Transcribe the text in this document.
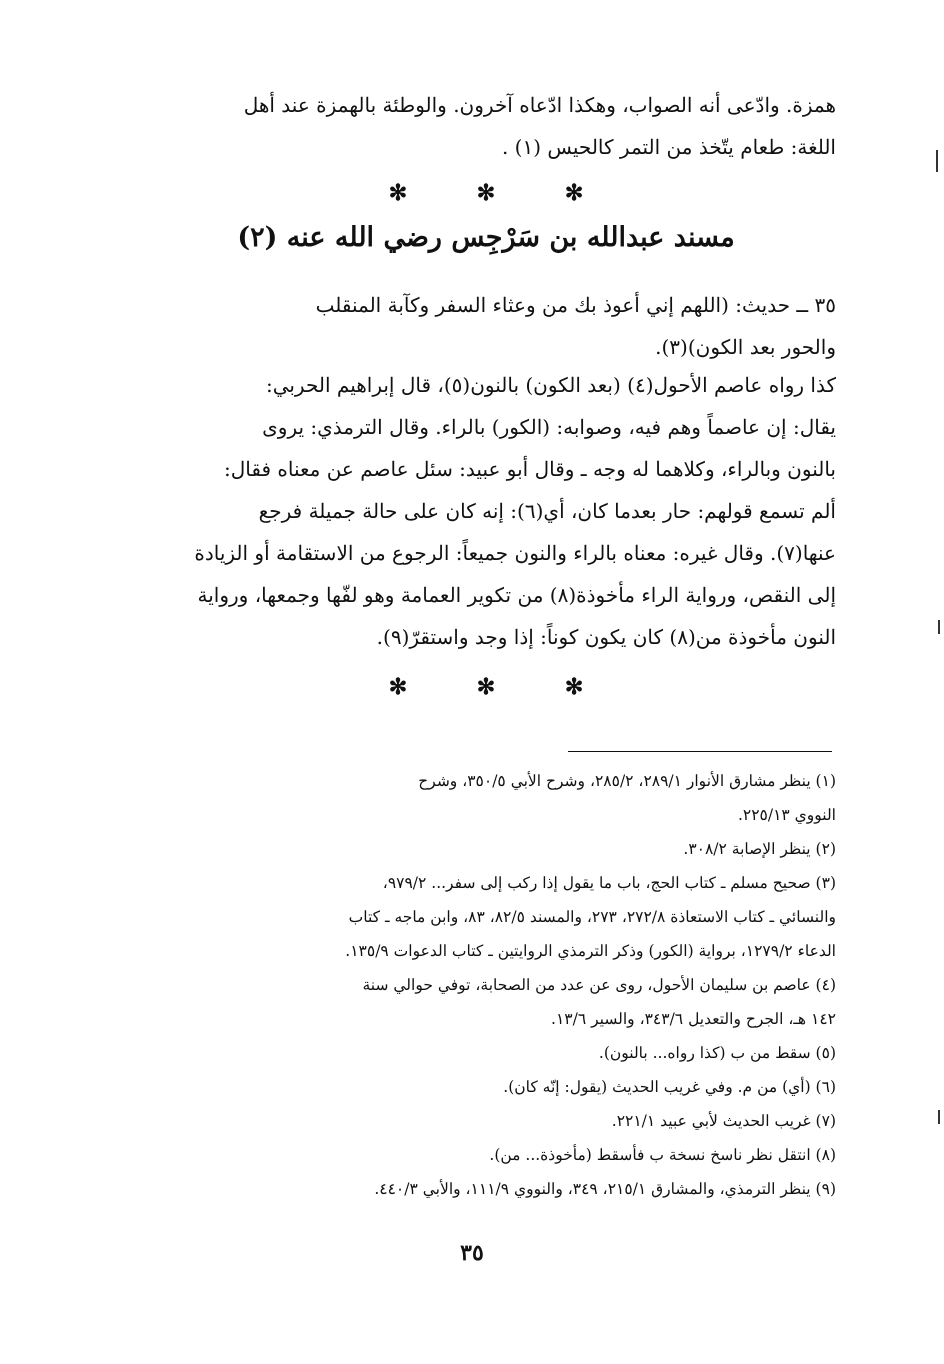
همزة. وادّعى أنه الصواب، وهكذا ادّعاه آخرون. والوطئة بالهمزة عند أهل
اللغة: طعام يتّخذ من التمر كالحيس (١) .
✻ ✻ ✻
مسند عبدالله بن سَرْجِس رضي الله عنه (٢)
٣٥ ــ حديث: (اللهم إني أعوذ بك من وعثاء السفر وكآبة المنقلب
والحور بعد الكون)(٣).
كذا رواه عاصم الأحول(٤) (بعد الكون) بالنون(٥)، قال إبراهيم الحربي:
يقال: إن عاصماً وهم فيه، وصوابه: (الكور) بالراء. وقال الترمذي: يروى
بالنون وبالراء، وكلاهما له وجه ـ وقال أبو عبيد: سئل عاصم عن معناه فقال:
ألم تسمع قولهم: حار بعدما كان، أي(٦): إنه كان على حالة جميلة فرجع
عنها(٧). وقال غيره: معناه بالراء والنون جميعاً: الرجوع من الاستقامة أو الزيادة
إلى النقص، ورواية الراء مأخوذة(٨) من تكوير العمامة وهو لفّها وجمعها، ورواية
النون مأخوذة من(٨) كان يكون كوناً: إذا وجد واستقرّ(٩).
✻ ✻ ✻
(١) ينظر مشارق الأنوار ٢٨٩/١، ٢٨٥/٢، وشرح الأبي ٣٥٠/٥، وشرح
النووي ٢٢٥/١٣.
(٢) ينظر الإصابة ٣٠٨/٢.
(٣) صحيح مسلم ـ كتاب الحج، باب ما يقول إذا ركب إلى سفر... ٩٧٩/٢،
والنسائي ـ كتاب الاستعاذة ٢٧٢/٨، ٢٧٣، والمسند ٨٢/٥، ٨٣، وابن ماجه ـ كتاب
الدعاء ١٢٧٩/٢، برواية (الكور) وذكر الترمذي الروايتين ـ كتاب الدعوات ١٣٥/٩.
(٤) عاصم بن سليمان الأحول، روى عن عدد من الصحابة، توفي حوالي سنة
١٤٢ هـ، الجرح والتعديل ٣٤٣/٦، والسير ١٣/٦.
(٥) سقط من ب (كذا رواه... بالنون).
(٦) (أي) من م. وفي غريب الحديث (يقول: إنّه كان).
(٧) غريب الحديث لأبي عبيد ٢٢١/١.
(٨) انتقل نظر ناسخ نسخة ب فأسقط (مأخوذة... من).
(٩) ينظر الترمذي، والمشارق ٢١٥/١، ٣٤٩، والنووي ١١١/٩، والأبي ٤٤٠/٣.
٣٥
